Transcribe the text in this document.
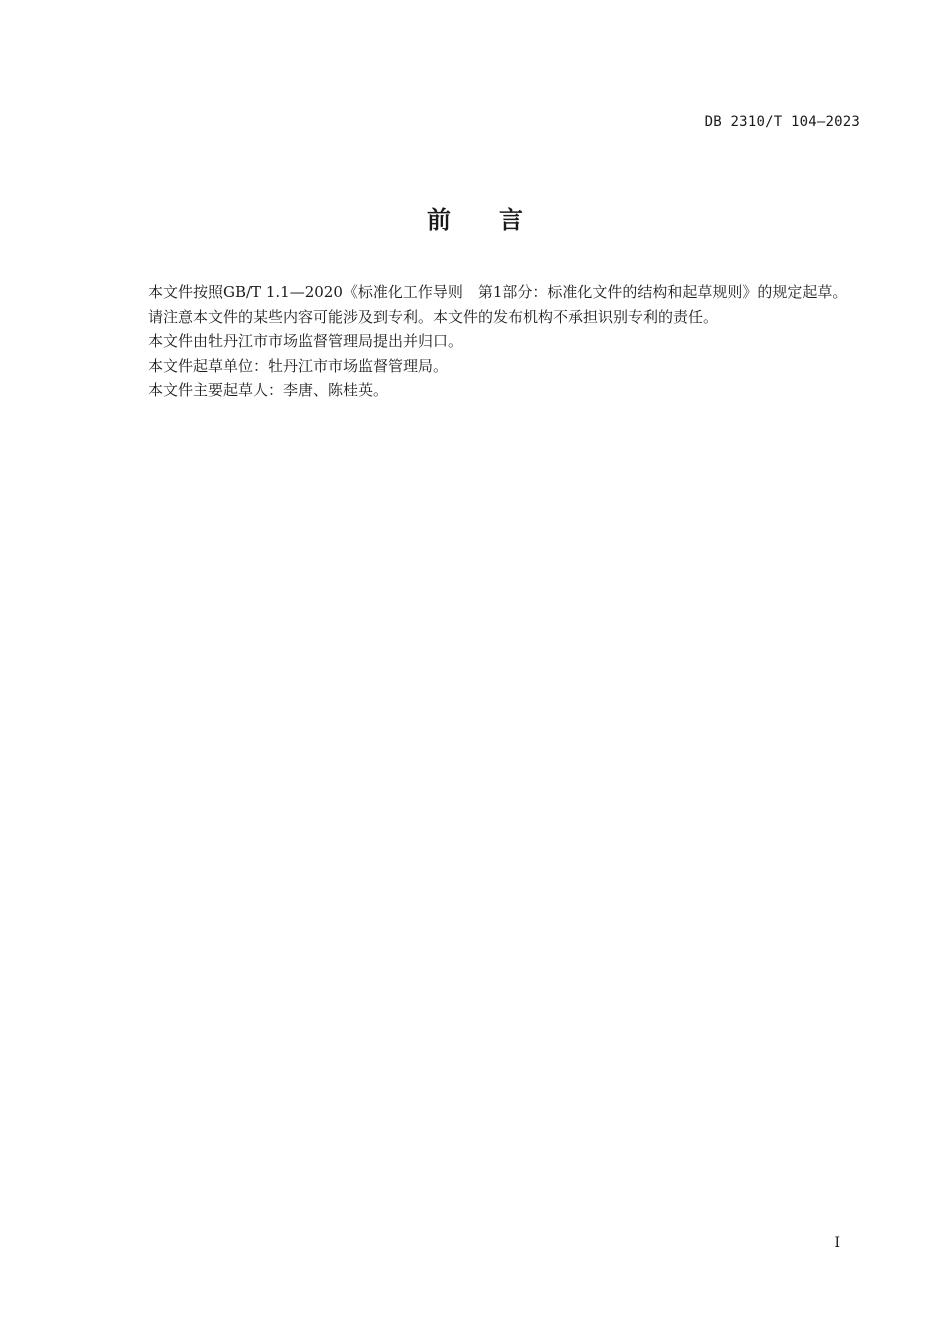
DB 2310/T 104—2023
前言

本文件按照GB/T 1.1—2020《标准化工作导则　第1部分：标准化文件的结构和起草规则》的规定起草。

请注意本文件的某些内容可能涉及到专利。本文件的发布机构不承担识别专利的责任。

本文件由牡丹江市市场监督管理局提出并归口。

本文件起草单位：牡丹江市市场监督管理局。

本文件主要起草人：李唐、陈桂英。

I
